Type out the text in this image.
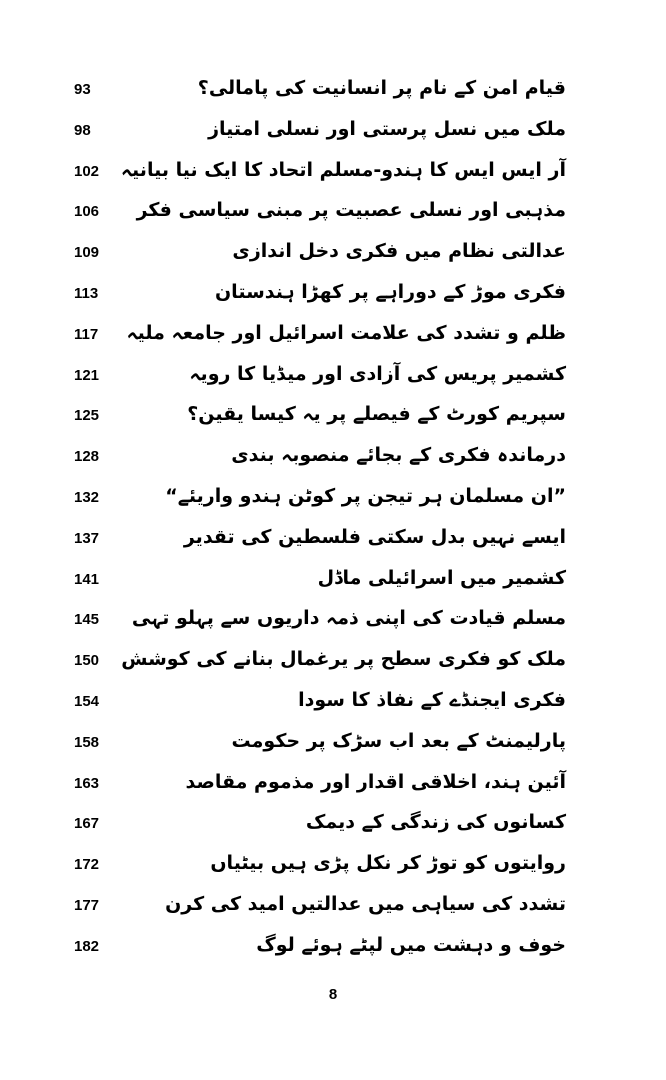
93	قیام امن کے نام پر انسانیت کی پامالی؟
98	ملک میں نسل پرستی اور نسلی امتیاز
102	آر ایس ایس کا ہندو-مسلم اتحاد کا ایک نیا بیانیہ
106	مذہبی اور نسلی عصبیت پر مبنی سیاسی فکر
109	عدالتی نظام میں فکری دخل اندازی
113	فکری موڑ کے دوراہے پر کھڑا ہندستان
117	ظلم و تشدد کی علامت اسرائیل اور جامعہ ملیہ
121	کشمیر پریس کی آزادی اور میڈیا کا رویہ
125	سپریم کورٹ کے فیصلے پر یہ کیسا یقین؟
128	درماندہ فکری کے بجائے منصوبہ بندی
132	”ان مسلمان ہر تیجن پر کوٹن ہندو واریئے“
137	ایسے نہیں بدل سکتی فلسطین کی تقدیر
141	کشمیر میں اسرائیلی ماڈل
145	مسلم قیادت کی اپنی ذمہ داریوں سے پہلو تہی
150	ملک کو فکری سطح پر یرغمال بنانے کی کوشش
154	فکری ایجنڈے کے نفاذ کا سودا
158	پارلیمنٹ کے بعد اب سڑک پر حکومت
163	آئین ہند، اخلاقی اقدار اور مذموم مقاصد
167	کسانوں کی زندگی کے دیمک
172	روایتوں کو توڑ کر نکل پڑی ہیں بیٹیاں
177	تشدد کی سیاہی میں عدالتیں امید کی کرن
182	خوف و دہشت میں لپٹے ہوئے لوگ
8
